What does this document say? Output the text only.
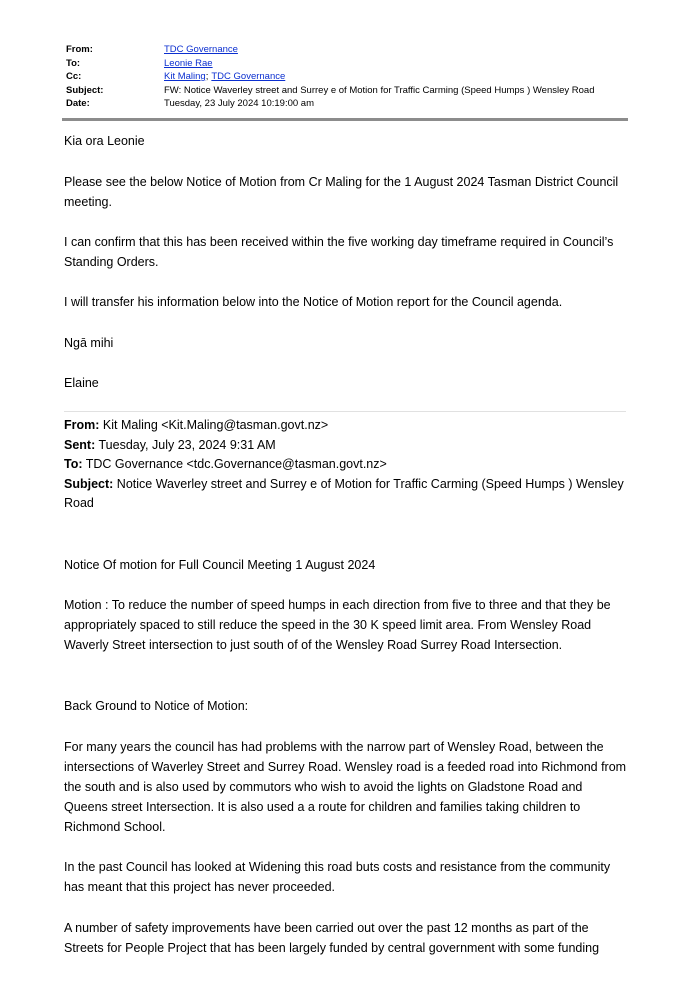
From:	TDC Governance
To:	Leonie Rae
Cc:	Kit Maling ; TDC Governance
Subject:	FW: Notice Waverley street and Surrey e of Motion for Traffic Carming (Speed Humps ) Wensley Road
Date:	Tuesday, 23 July 2024 10:19:00 am
Kia ora Leonie
Please see the below Notice of Motion from Cr Maling for the 1 August 2024 Tasman District Council meeting.
I can confirm that this has been received within the five working day timeframe required in Council’s Standing Orders.
I will transfer his information below into the Notice of Motion report for the Council agenda.
Ngā mihi
Elaine
From: Kit Maling <Kit.Maling@tasman.govt.nz>
Sent: Tuesday, July 23, 2024 9:31 AM
To: TDC Governance <tdc.Governance@tasman.govt.nz>
Subject: Notice Waverley street and Surrey e of Motion for Traffic Carming (Speed Humps ) Wensley Road
Notice Of motion for Full Council Meeting 1 August 2024
Motion : To reduce the number of speed humps in each direction from five to three and that they be appropriately spaced to still reduce the speed in the 30 K speed limit area. From Wensley Road Waverly Street intersection to just south of of the Wensley Road Surrey Road Intersection.
Back Ground to Notice of Motion:
For many years the council has had problems with the narrow part of Wensley Road, between the intersections of Waverley Street and Surrey Road. Wensley road is a feeded road into Richmond from the south and is also used by commutors who wish to avoid the lights on Gladstone Road and Queens street Intersection. It is also used a a route for children and families taking children to Richmond School.
In the past Council has looked at Widening this road buts costs and resistance from the community has meant that this project has never proceeded.
A number of safety improvements have been carried out over the past 12 months as part of the Streets for People Project that has been largely funded by central government with some funding
